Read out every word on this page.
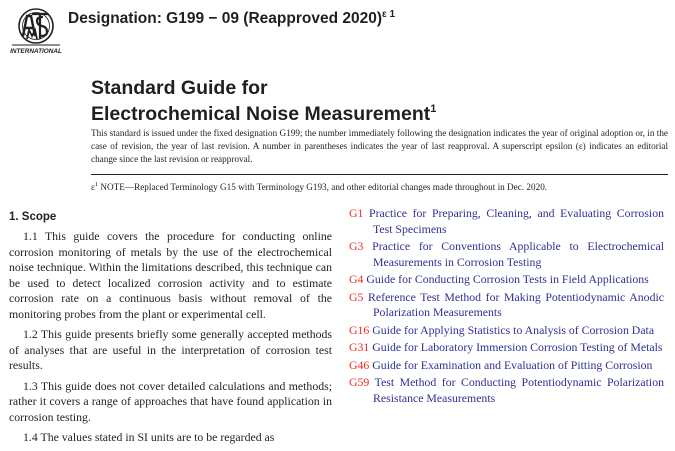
INTERNATIONAL
Designation: G199 − 09 (Reapproved 2020)$^{\varepsilon 1}$
Standard Guide for
Electrochemical Noise Measurement$^1$

This standard is issued under the fixed designation G199; the number immediately following the designation indicates the year of original adoption or, in the case of revision, the year of last revision. A number in parentheses indicates the year of last reapproval. A superscript epsilon (ε) indicates an editorial change since the last revision or reapproval.

$\varepsilon^1$ NOTE—Replaced Terminology G15 with Terminology G193, and other editorial changes made throughout in Dec. 2020.

1. Scope

1.1 This guide covers the procedure for conducting online corrosion monitoring of metals by the use of the electrochemical noise technique. Within the limitations described, this technique can be used to detect localized corrosion activity and to estimate corrosion rate on a continuous basis without removal of the monitoring probes from the plant or experimental cell.

1.2 This guide presents briefly some generally accepted methods of analyses that are useful in the interpretation of corrosion test results.

1.3 This guide does not cover detailed calculations and methods; rather it covers a range of approaches that have found application in corrosion testing.

1.4 The values stated in SI units are to be regarded as

G1 Practice for Preparing, Cleaning, and Evaluating Corrosion Test Specimens

G3 Practice for Conventions Applicable to Electrochemical Measurements in Corrosion Testing

G4 Guide for Conducting Corrosion Tests in Field Applications

G5 Reference Test Method for Making Potentiodynamic Anodic Polarization Measurements

G16 Guide for Applying Statistics to Analysis of Corrosion Data

G31 Guide for Laboratory Immersion Corrosion Testing of Metals

G46 Guide for Examination and Evaluation of Pitting Corrosion

G59 Test Method for Conducting Potentiodynamic Polarization Resistance Measurements
